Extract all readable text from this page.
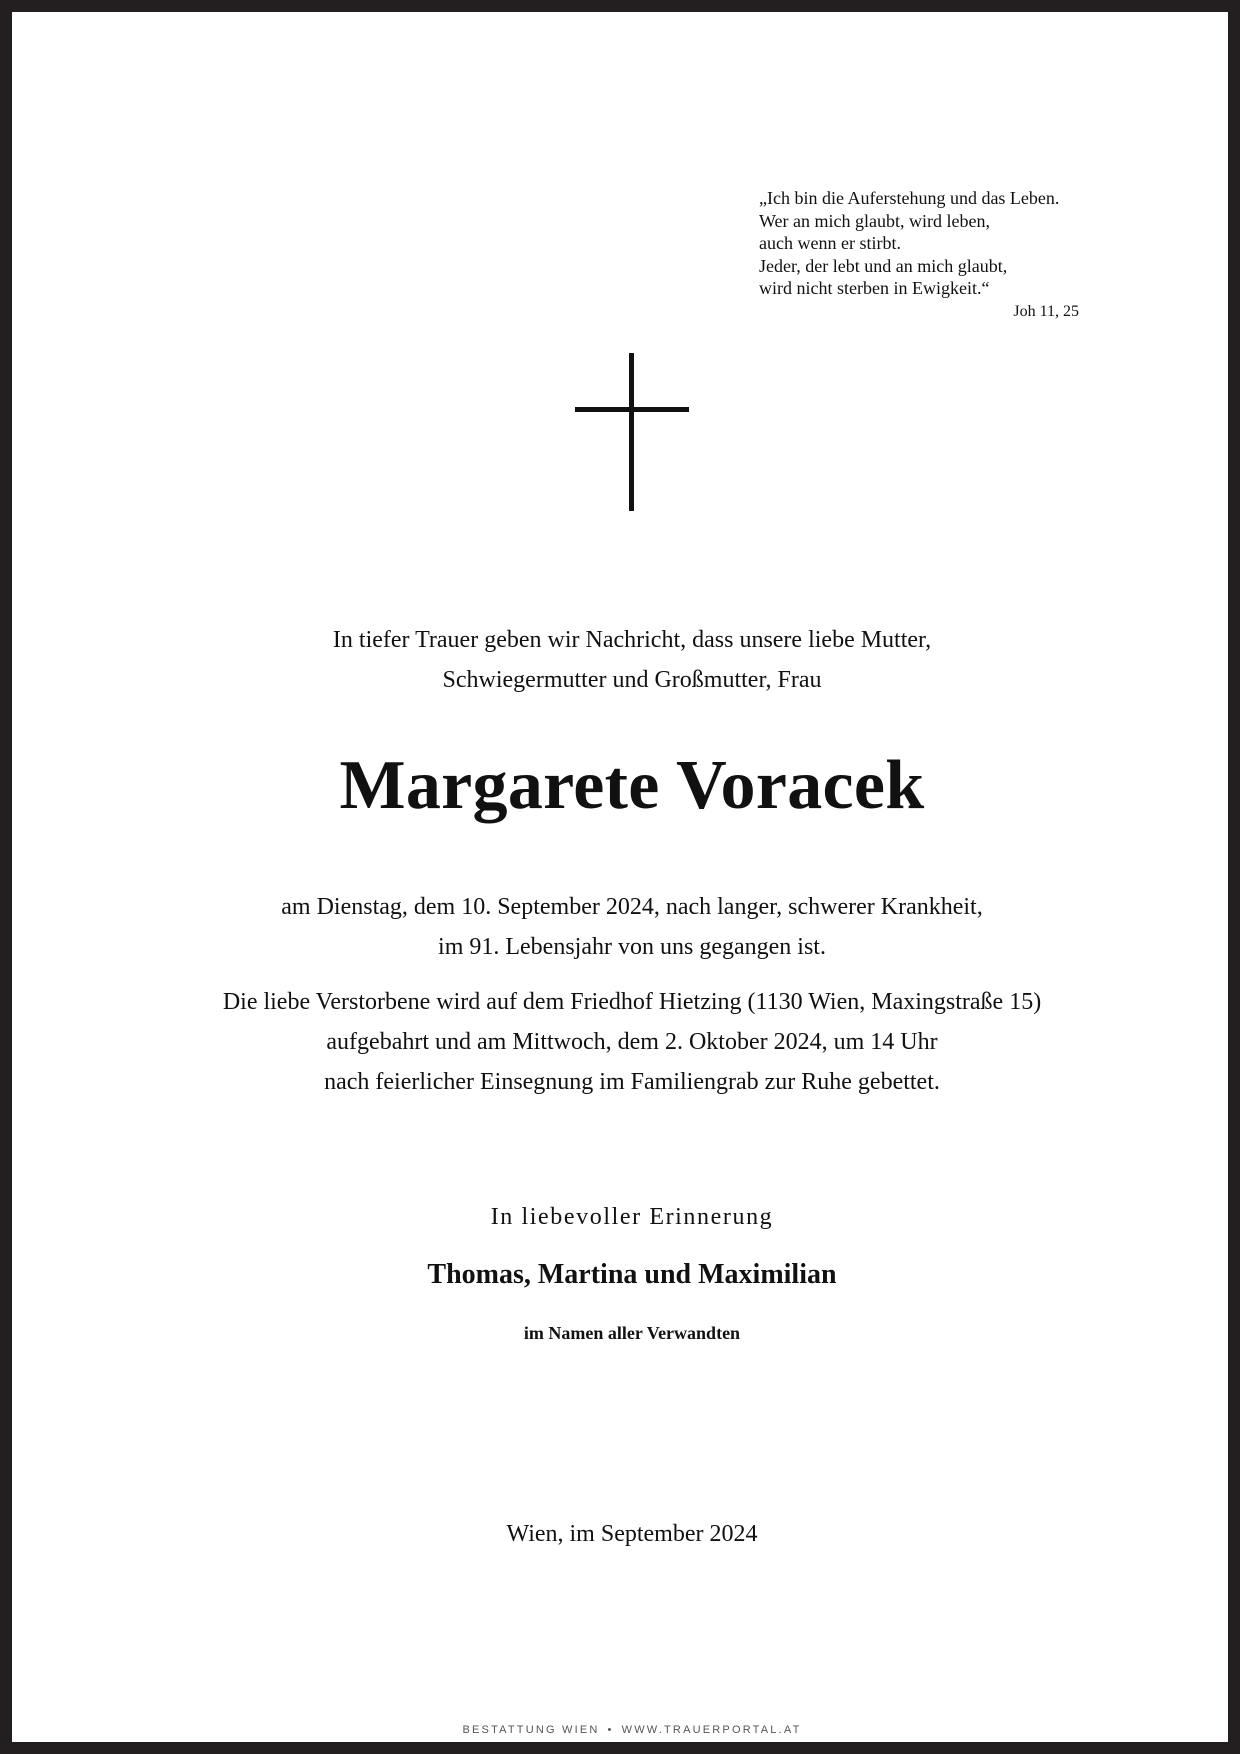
„Ich bin die Auferstehung und das Leben.
Wer an mich glaubt, wird leben,
auch wenn er stirbt.
Jeder, der lebt und an mich glaubt,
wird nicht sterben in Ewigkeit.“
Joh 11, 25
In tiefer Trauer geben wir Nachricht, dass unsere liebe Mutter,
Schwiegermutter und Großmutter, Frau
Margarete Voracek
am Dienstag, dem 10. September 2024, nach langer, schwerer Krankheit,
im 91. Lebensjahr von uns gegangen ist.
Die liebe Verstorbene wird auf dem Friedhof Hietzing (1130 Wien, Maxingstraße 15)
aufgebahrt und am Mittwoch, dem 2. Oktober 2024, um 14 Uhr
nach feierlicher Einsegnung im Familiengrab zur Ruhe gebettet.
In liebevoller Erinnerung
Thomas, Martina und Maximilian
im Namen aller Verwandten
Wien, im September 2024
BESTATTUNG WIEN • WWW.TRAUERPORTAL.AT
